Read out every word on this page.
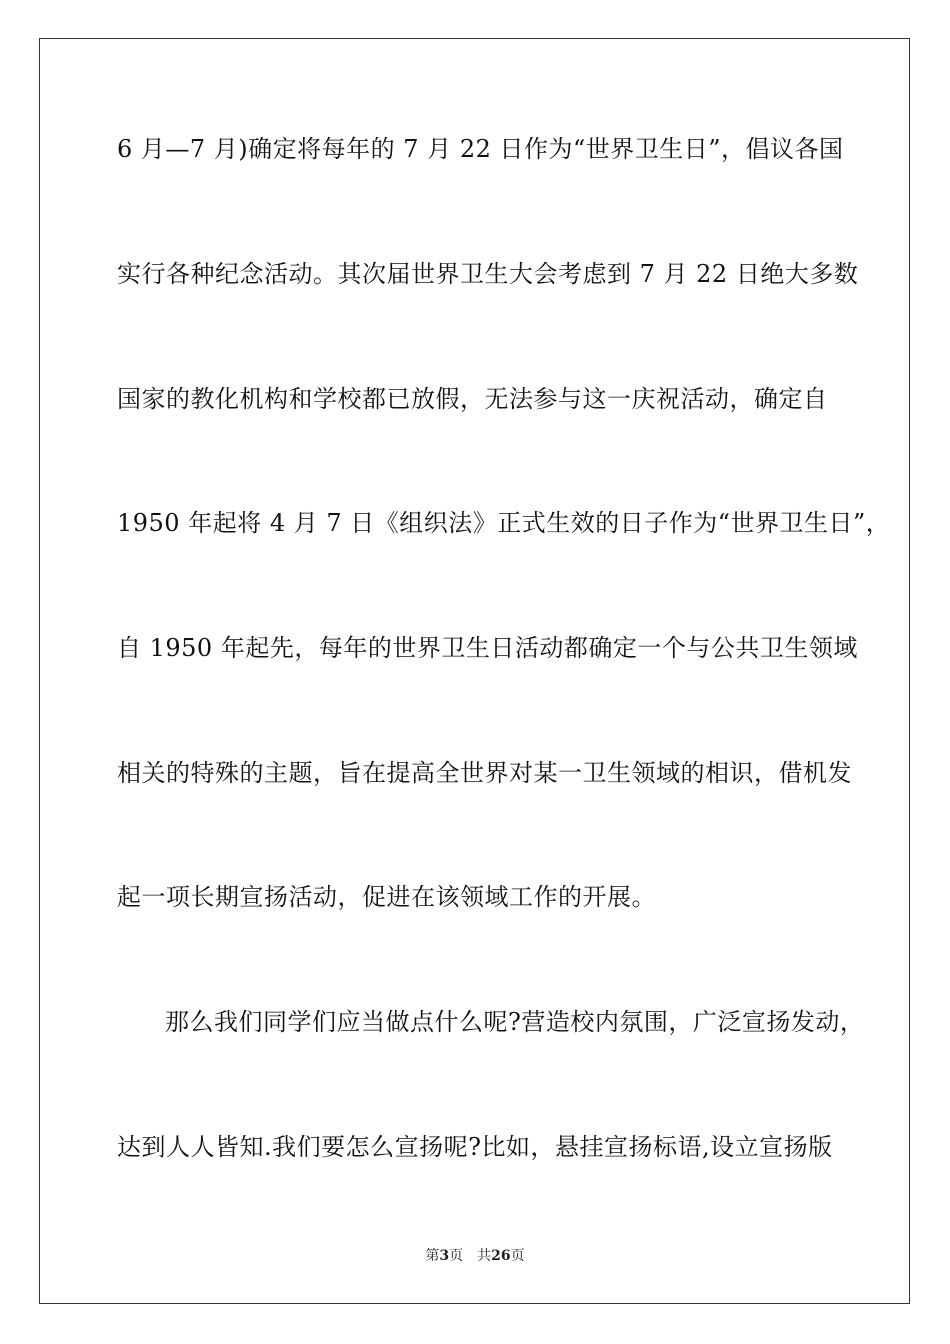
6 月—7 月)确定将每年的 7 月 22 日作为“世界卫生日”，倡议各国
实行各种纪念活动。其次届世界卫生大会考虑到 7 月 22 日绝大多数
国家的教化机构和学校都已放假，无法参与这一庆祝活动，确定自
1950 年起将 4 月 7 日《组织法》正式生效的日子作为“世界卫生日”，
自 1950 年起先，每年的世界卫生日活动都确定一个与公共卫生领域
相关的特殊的主题，旨在提高全世界对某一卫生领域的相识，借机发
起一项长期宣扬活动，促进在该领域工作的开展。
那么我们同学们应当做点什么呢?营造校内氛围，广泛宣扬发动，
达到人人皆知.我们要怎么宣扬呢?比如，悬挂宣扬标语,设立宣扬版
第3页 共26页
